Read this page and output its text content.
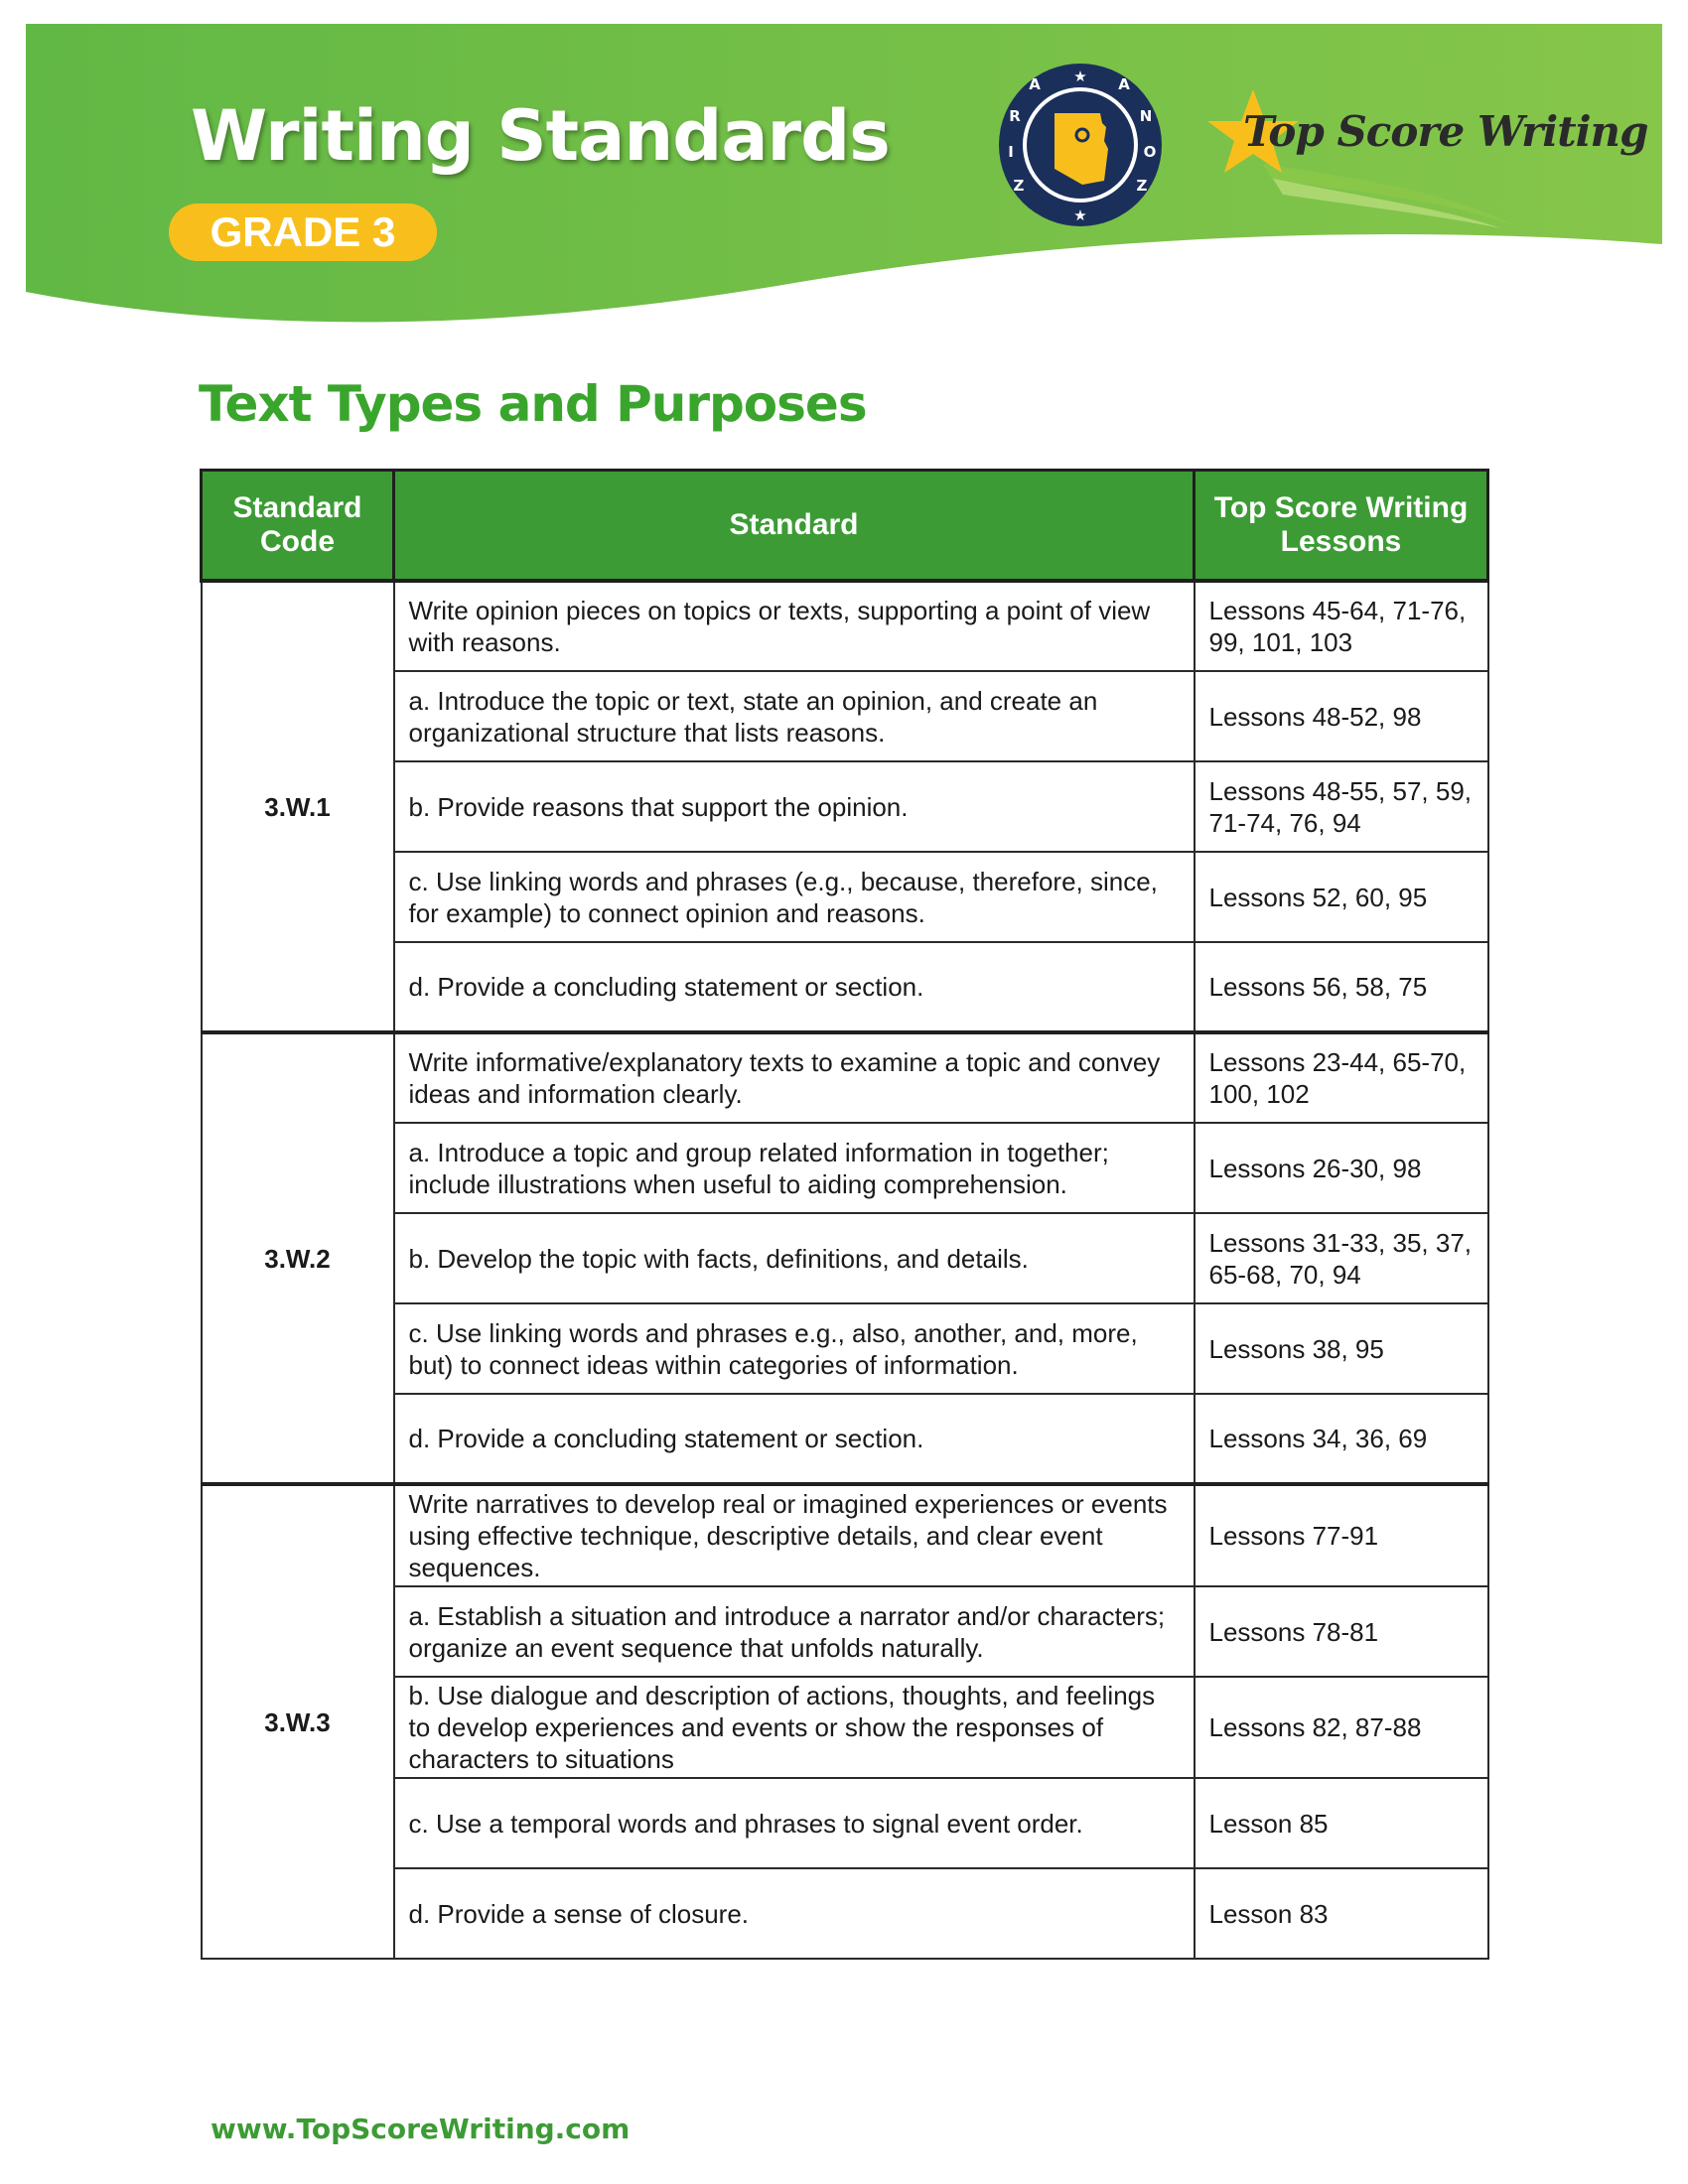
Writing Standards
GRADE 3
★
★
A
N
O
Z
A
R
I
Z
Top Score Writing
Text Types and Purposes
Standard Code	Standard	Top Score Writing Lessons
3.W.1	Write opinion pieces on topics or texts, supporting a point of view with reasons.	Lessons 45-64, 71-76, 99, 101, 103
	a. Introduce the topic or text, state an opinion, and create an organizational structure that lists reasons.	Lessons 48-52, 98
	b. Provide reasons that support the opinion.	Lessons 48-55, 57, 59, 71-74, 76, 94
	c. Use linking words and phrases (e.g., because, therefore, since, for example) to connect opinion and reasons.	Lessons 52, 60, 95
	d. Provide a concluding statement or section.	Lessons 56, 58, 75
3.W.2	Write informative/explanatory texts to examine a topic and convey ideas and information clearly.	Lessons 23-44, 65-70, 100, 102
	a. Introduce a topic and group related information in together; include illustrations when useful to aiding comprehension.	Lessons 26-30, 98
	b. Develop the topic with facts, definitions, and details.	Lessons 31-33, 35, 37, 65-68, 70, 94
	c. Use linking words and phrases e.g., also, another, and, more, but) to connect ideas within categories of information.	Lessons 38, 95
	d. Provide a concluding statement or section.	Lessons 34, 36, 69
3.W.3	Write narratives to develop real or imagined experiences or events using effective technique, descriptive details, and clear event sequences.	Lessons 77-91
	a. Establish a situation and introduce a narrator and/or characters; organize an event sequence that unfolds naturally.	Lessons 78-81
	b. Use dialogue and description of actions, thoughts, and feelings to develop experiences and events or show the responses of characters to situations	Lessons 82, 87-88
	c. Use a temporal words and phrases to signal event order.	Lesson 85
	d. Provide a sense of closure.	Lesson 83
www.TopScoreWriting.com
